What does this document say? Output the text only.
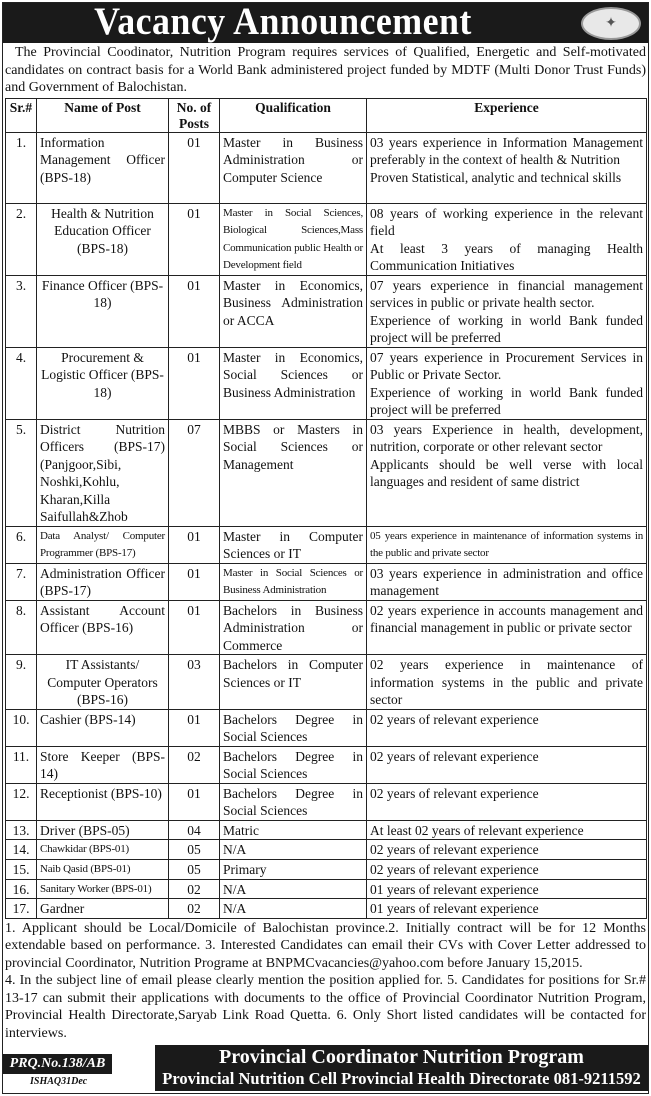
Vacancy Announcement	✦
The Provincial Coodinator, Nutrition Program requires services of Qualified, Energetic and Self-motivated candidates on contract basis for a World Bank administered project funded by MDTF (Multi Donor Trust Funds) and Government of Balochistan.
Sr.#	Name of Post	No. of Posts	Qualification	Experience

1.	Information Management Officer (BPS-18)	01	Master in Business Administration or Computer Science	03 years experience in Information Management preferably in the context of health & Nutrition
Proven Statistical, analytic and technical skills

2.	Health & Nutrition Education Officer (BPS-18)	01	Master in Social Sciences, Biological Sciences,Mass Communication public Health or Development field	08 years of working experience in the relevant field
At least 3 years of managing Health Communication Initiatives

3.	Finance Officer (BPS-18)	01	Master in Economics, Business Administration or ACCA	07 years experience in financial management services in public or private health sector.
Experience of working in world Bank funded project will be preferred

4.	Procurement & Logistic Officer (BPS-18)	01	Master in Economics, Social Sciences or Business Administration	07 years experience in Procurement Services in Public or Private Sector.
Experience of working in world Bank funded project will be preferred

5.	District Nutrition Officers (BPS-17) (Panjgoor,Sibi, Noshki,Kohlu, Kharan,Killa Saifullah&Zhob	07	MBBS or Masters in Social Sciences or Management	03 years Experience in health, development, nutrition, corporate or other relevant sector
Applicants should be well verse with local languages and resident of same district

6.	Data Analyst/ Computer Programmer (BPS-17)	01	Master in Computer Sciences or IT	05 years experience in maintenance of information systems in the public and private sector

7.	Administration Officer (BPS-17)	01	Master in Social Sciences or Business Administration	03 years experience in administration and office management

8.	Assistant Account Officer (BPS-16)	01	Bachelors in Business Administration or Commerce	02 years experience in accounts management and financial management in public or private sector

9.	IT Assistants/ Computer Operators (BPS-16)	03	Bachelors in Computer Sciences or IT	02 years experience in maintenance of information systems in the public and private sector

10.	Cashier (BPS-14)	01	Bachelors Degree in Social Sciences	02 years of relevant experience

11.	Store Keeper (BPS-14)	02	Bachelors Degree in Social Sciences	02 years of relevant experience

12.	Receptionist (BPS-10)	01	Bachelors Degree in Social Sciences	02 years of relevant experience

13.	Driver (BPS-05)	04	Matric	At least 02 years of relevant experience

14.	Chawkidar (BPS-01)	05	N/A	02 years of relevant experience

15.	Naib Qasid (BPS-01)	05	Primary	02 years of relevant experience

16.	Sanitary Worker (BPS-01)	02	N/A	01 years of relevant experience

17.	Gardner	02	N/A	01 years of relevant experience
1. Applicant should be Local/Domicile of Balochistan province.2. Initially contract will be for 12 Months extendable based on performance. 3. Interested Candidates can email their CVs with Cover Letter addressed to provincial Coordinator, Nutrition Programe at BNPMCvacancies@yahoo.com before January 15,2015.
4. In the subject line of email please clearly mention the position applied for. 5. Candidates for positions for Sr.# 13-17 can submit their applications with documents to the office of Provincial Coordinator Nutrition Program, Provincial Health Directorate,Saryab Link Road Quetta. 6. Only Short listed candidates will be contacted for interviews.
PRQ.No.138/AB
ISHAQ31Dec
Provincial Coordinator Nutrition Program
Provincial Nutrition Cell Provincial Health Directorate 081-9211592
